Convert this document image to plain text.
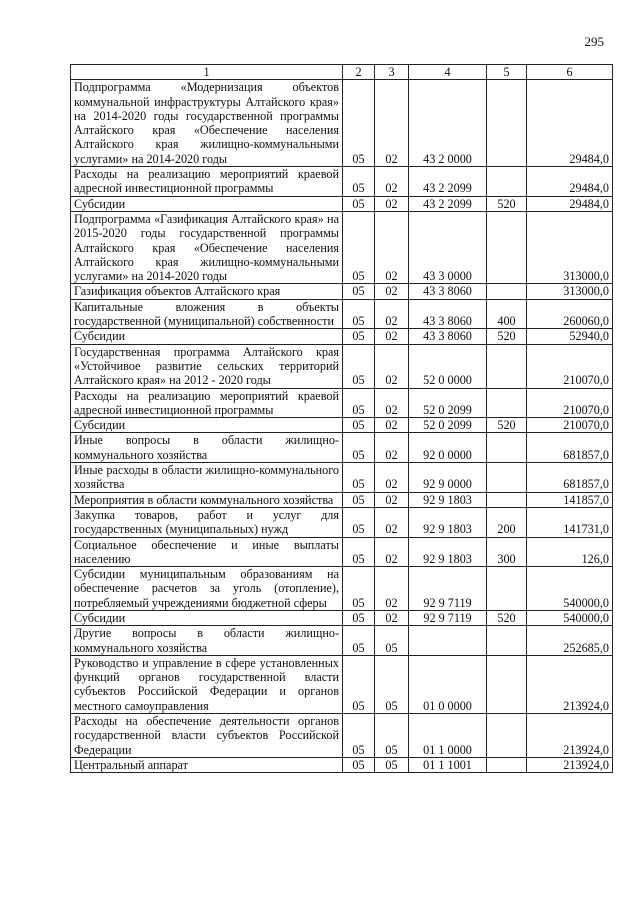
295
1	2	3	4	5	6
Подпрограмма «Модернизация объектов коммунальной инфраструктуры Алтайского края» на 2014-2020 годы государственной программы Алтайского края «Обеспечение населения Алтайского края жилищно-коммунальными услугами» на 2014-2020 годы	05	02	43 2 0000		29484,0
Расходы на реализацию мероприятий краевой адресной инвестиционной программы	05	02	43 2 2099		29484,0
Субсидии	05	02	43 2 2099	520	29484,0
Подпрограмма «Газификация Алтайского края» на 2015-2020 годы государственной программы Алтайского края «Обеспечение населения Алтайского края жилищно-коммунальными услугами» на 2014-2020 годы	05	02	43 3 0000		313000,0
Газификация объектов Алтайского края	05	02	43 3 8060		313000,0
Капитальные вложения в объекты государственной (муниципальной) собственности	05	02	43 3 8060	400	260060,0
Субсидии	05	02	43 3 8060	520	52940,0
Государственная программа Алтайского края «Устойчивое развитие сельских территорий Алтайского края» на 2012 - 2020 годы	05	02	52 0 0000		210070,0
Расходы на реализацию мероприятий краевой адресной инвестиционной программы	05	02	52 0 2099		210070,0
Субсидии	05	02	52 0 2099	520	210070,0
Иные вопросы в области жилищно-коммунального хозяйства	05	02	92 0 0000		681857,0
Иные расходы в области жилищно-коммунального хозяйства	05	02	92 9 0000		681857,0
Мероприятия в области коммунального хозяйства	05	02	92 9 1803		141857,0
Закупка товаров, работ и услуг для государственных (муниципальных) нужд	05	02	92 9 1803	200	141731,0
Социальное обеспечение и иные выплаты населению	05	02	92 9 1803	300	126,0
Субсидии муниципальным образованиям на обеспечение расчетов за уголь (отопление), потребляемый учреждениями бюджетной сферы	05	02	92 9 7119		540000,0
Субсидии	05	02	92 9 7119	520	540000,0
Другие вопросы в области жилищно-коммунального хозяйства	05	05			252685,0
Руководство и управление в сфере установленных функций органов государственной власти субъектов Российской Федерации и органов местного самоуправления	05	05	01 0 0000		213924,0
Расходы на обеспечение деятельности органов государственной власти субъектов Российской Федерации	05	05	01 1 0000		213924,0
Центральный аппарат	05	05	01 1 1001		213924,0
